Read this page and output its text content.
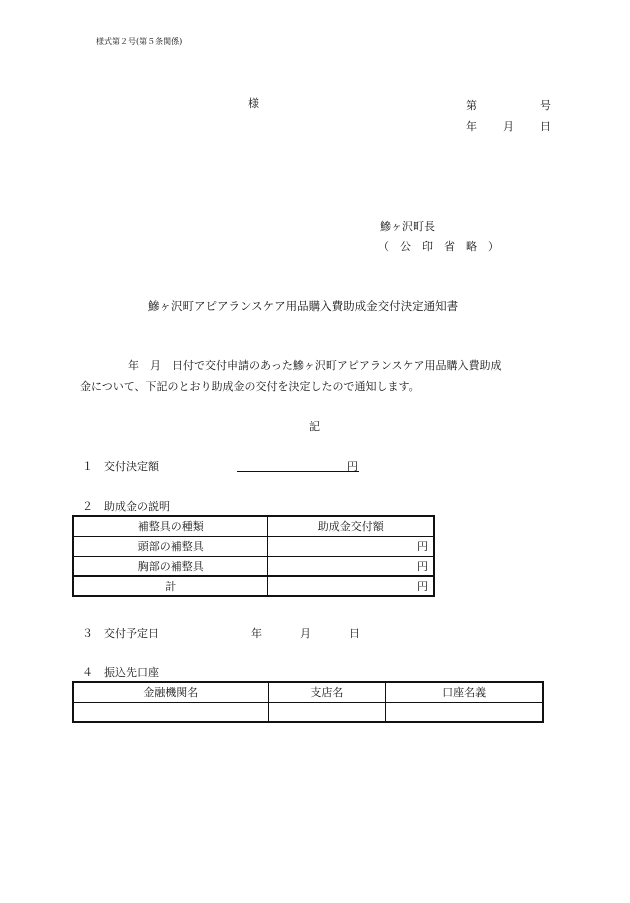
様式第２号(第５条関係)
様	第	号
年 月 日
鰺ヶ沢町長
（　公　印　省　略　）
鰺ヶ沢町アピアランスケア用品購入費助成金交付決定通知書
年　月　日付で交付申請のあった鰺ヶ沢町アピアランスケア用品購入費助成
金について、下記のとおり助成金の交付を決定したので通知します。
記
１ 交付決定額	円
２ 助成金の説明
補整具の種類	助成金交付額
頭部の補整具	円
胸部の補整具	円
計	円
３ 交付予定日	年	月	日
４ 振込先口座
金融機関名	支店名	口座名義
